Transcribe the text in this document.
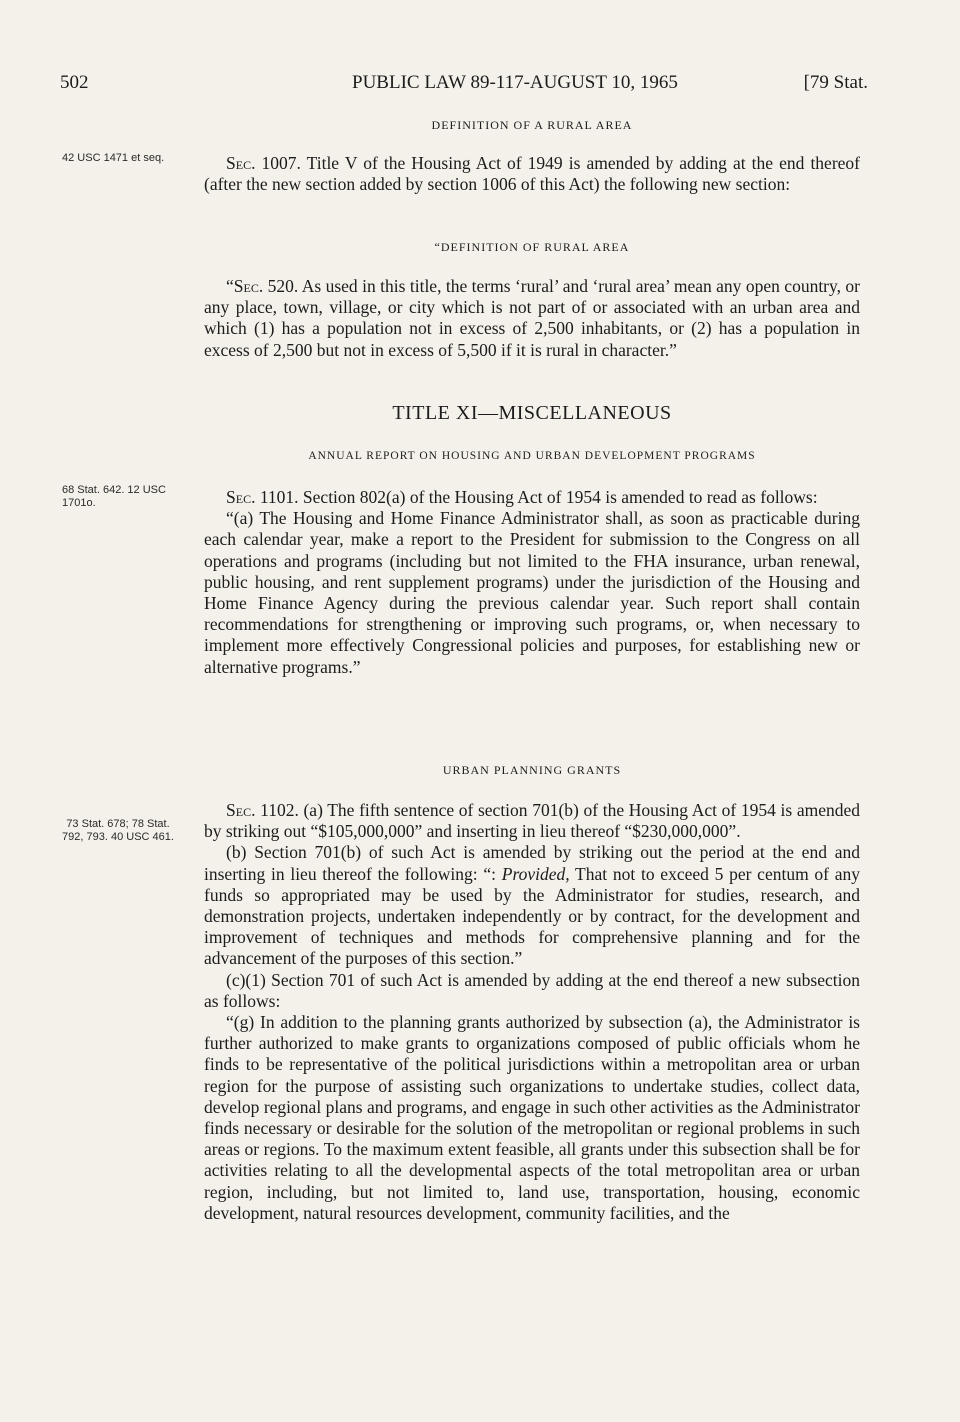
502	PUBLIC LAW 89-117-AUGUST 10, 1965	[79 Stat.
DEFINITION OF A RURAL AREA
42 USC 1471 et seq.	Sec. 1007. Title V of the Housing Act of 1949 is amended by adding at the end thereof (after the new section added by section 1006 of this Act) the following new section:

“DEFINITION OF RURAL AREA

“Sec. 520. As used in this title, the terms ‘rural’ and ‘rural area’ mean any open country, or any place, town, village, or city which is not part of or associated with an urban area and which (1) has a population not in excess of 2,500 inhabitants, or (2) has a population in excess of 2,500 but not in excess of 5,500 if it is rural in character.”

TITLE XI—MISCELLANEOUS
ANNUAL REPORT ON HOUSING AND URBAN DEVELOPMENT PROGRAMS
68 Stat. 642. 12 USC 1701o.	Sec. 1101. Section 802(a) of the Housing Act of 1954 is amended to read as follows:

“(a) The Housing and Home Finance Administrator shall, as soon as practicable during each calendar year, make a report to the President for submission to the Congress on all operations and programs (including but not limited to the FHA insurance, urban renewal, public housing, and rent supplement programs) under the jurisdiction of the Housing and Home Finance Agency during the previous calendar year. Such report shall contain recommendations for strengthening or improving such programs, or, when necessary to implement more effectively Congressional policies and purposes, for establishing new or alternative programs.”

URBAN PLANNING GRANTS
73 Stat. 678; 78 Stat. 792, 793. 40 USC 461.

Sec. 1102. (a) The fifth sentence of section 701(b) of the Housing Act of 1954 is amended by striking out “$105,000,000” and inserting in lieu thereof “$230,000,000”.

(b) Section 701(b) of such Act is amended by striking out the period at the end and inserting in lieu thereof the following: “: Provided, That not to exceed 5 per centum of any funds so appropriated may be used by the Administrator for studies, research, and demonstration projects, undertaken independently or by contract, for the development and improvement of techniques and methods for comprehensive planning and for the advancement of the purposes of this section.”

(c)(1) Section 701 of such Act is amended by adding at the end thereof a new subsection as follows:

“(g) In addition to the planning grants authorized by subsection (a), the Administrator is further authorized to make grants to organizations composed of public officials whom he finds to be representative of the political jurisdictions within a metropolitan area or urban region for the purpose of assisting such organizations to undertake studies, collect data, develop regional plans and programs, and engage in such other activities as the Administrator finds necessary or desirable for the solution of the metropolitan or regional problems in such areas or regions. To the maximum extent feasible, all grants under this subsection shall be for activities relating to all the developmental aspects of the total metropolitan area or urban region, including, but not limited to, land use, transportation, housing, economic development, natural resources development, community facilities, and the
